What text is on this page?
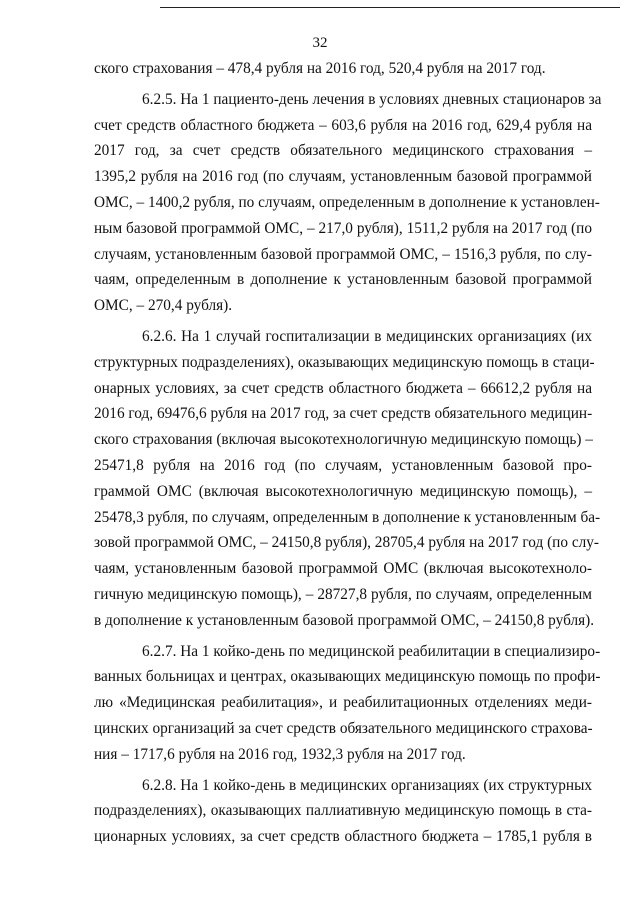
32
ского страхования – 478,4 рубля на 2016 год, 520,4 рубля на 2017 год.
6.2.5. На 1 пациенто-день лечения в условиях дневных стационаров за
счет средств областного бюджета – 603,6 рубля на 2016 год, 629,4 рубля на
2017 год, за счет средств обязательного медицинского страхования –
1395,2 рубля на 2016 год (по случаям, установленным базовой программой
ОМС, – 1400,2 рубля, по случаям, определенным в дополнение к установлен-
ным базовой программой ОМС, – 217,0 рубля), 1511,2 рубля на 2017 год (по
случаям, установленным базовой программой ОМС, – 1516,3 рубля, по слу-
чаям, определенным в дополнение к установленным базовой программой
ОМС, – 270,4 рубля).
6.2.6. На 1 случай госпитализации в медицинских организациях (их
структурных подразделениях), оказывающих медицинскую помощь в стаци-
онарных условиях, за счет средств областного бюджета – 66612,2 рубля на
2016 год, 69476,6 рубля на 2017 год, за счет средств обязательного медицин-
ского страхования (включая высокотехнологичную медицинскую помощь) –
25471,8 рубля на 2016 год (по случаям, установленным базовой про-
граммой ОМС (включая высокотехнологичную медицинскую помощь), –
25478,3 рубля, по случаям, определенным в дополнение к установленным ба-
зовой программой ОМС, – 24150,8 рубля), 28705,4 рубля на 2017 год (по слу-
чаям, установленным базовой программой ОМС (включая высокотехноло-
гичную медицинскую помощь), – 28727,8 рубля, по случаям, определенным
в дополнение к установленным базовой программой ОМС, – 24150,8 рубля).
6.2.7. На 1 койко-день по медицинской реабилитации в специализиро-
ванных больницах и центрах, оказывающих медицинскую помощь по профи-
лю «Медицинская реабилитация», и реабилитационных отделениях меди-
цинских организаций за счет средств обязательного медицинского страхова-
ния – 1717,6 рубля на 2016 год, 1932,3 рубля на 2017 год.
6.2.8. На 1 койко-день в медицинских организациях (их структурных
подразделениях), оказывающих паллиативную медицинскую помощь в ста-
ционарных условиях, за счет средств областного бюджета – 1785,1 рубля в
